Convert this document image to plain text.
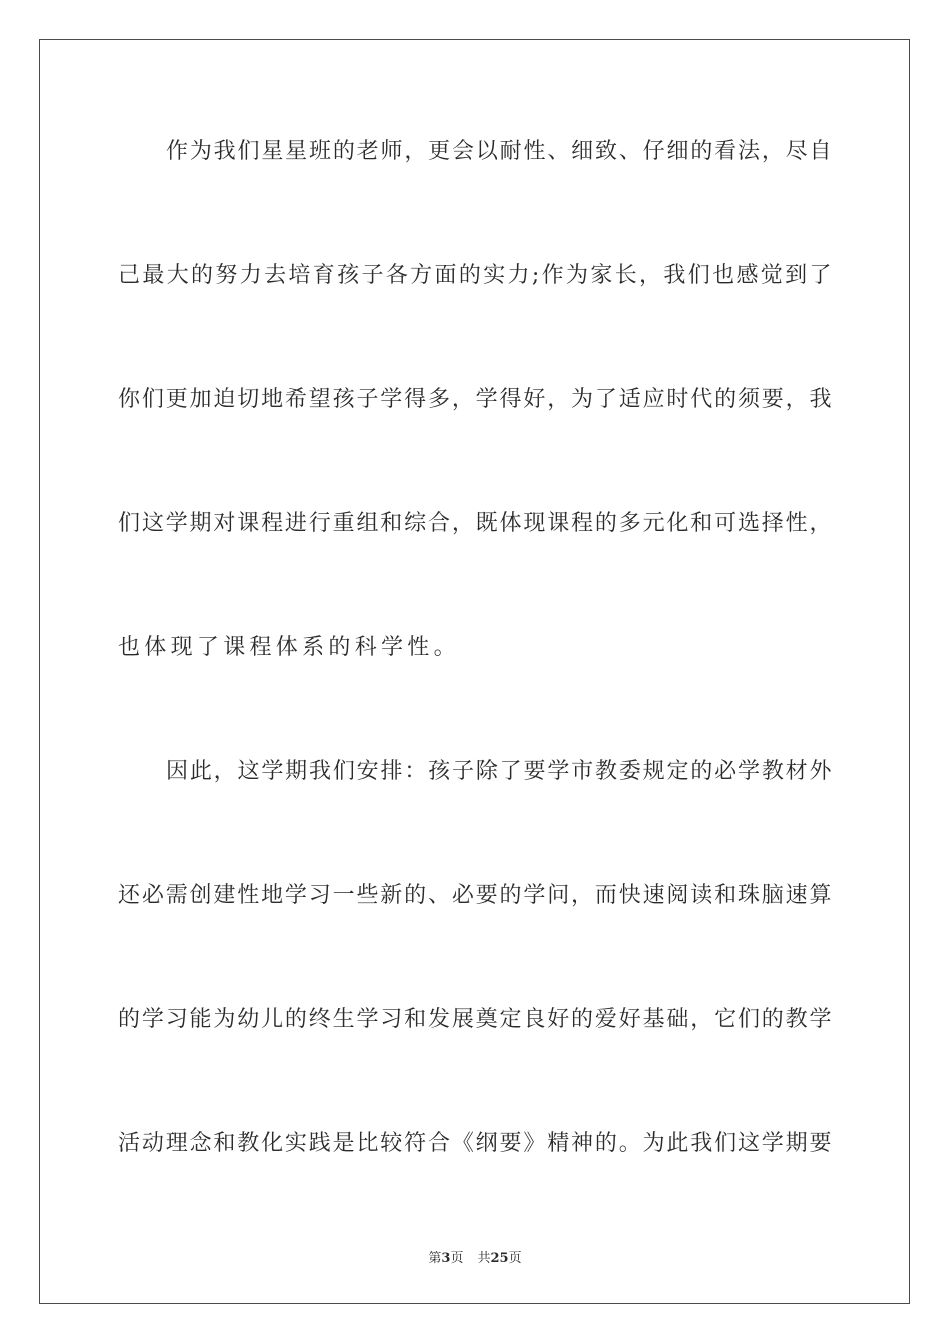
作为我们星星班的老师，更会以耐性、细致、仔细的看法，尽自

己最大的努力去培育孩子各方面的实力;作为家长，我们也感觉到了

你们更加迫切地希望孩子学得多，学得好，为了适应时代的须要，我

们这学期对课程进行重组和综合，既体现课程的多元化和可选择性，

也体现了课程体系的科学性。

因此，这学期我们安排：孩子除了要学市教委规定的必学教材外

还必需创建性地学习一些新的、必要的学问，而快速阅读和珠脑速算

的学习能为幼儿的终生学习和发展奠定良好的爱好基础，它们的教学

活动理念和教化实践是比较符合《纲要》精神的。为此我们这学期要

第3页 共25页
